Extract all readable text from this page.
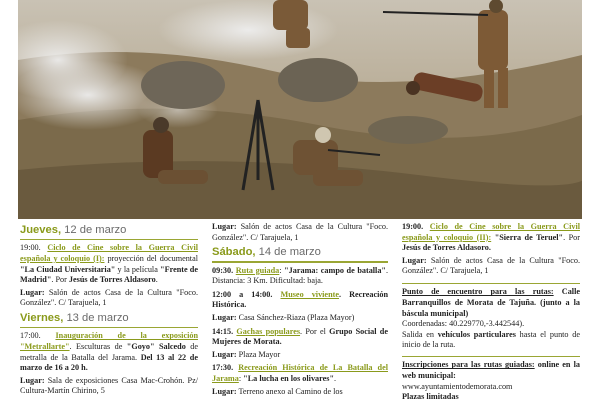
Jueves, 12 de marzo

19:00. Ciclo de Cine sobre la Guerra Civil española y coloquio (I): proyección del documental "La Ciudad Universitaria" y la película "Frente de Madrid". Por Jesús de Torres Aldasoro.

Lugar: Salón de actos Casa de la Cultura "Foco. González". C/ Tarajuela, 1

Viernes, 13 de marzo

17:00. Inauguración de la exposición "Metrallarte". Esculturas de "Goyo" Salcedo de metralla de la Batalla del Jarama. Del 13 al 22 de marzo de 16 a 20 h.

Lugar: Sala de exposiciones Casa Mac-Crohón. Pz/ Cultura-Martín Chirino, 5

Lugar: Salón de actos Casa de la Cultura "Foco. González". C/ Tarajuela, 1

Sábado, 14 de marzo

09:30. Ruta guiada: "Jarama: campo de batalla". Distancia: 3 Km. Dificultad: baja.

12:00 a 14:00. Museo viviente. Recreación Histórica.

Lugar: Casa Sánchez-Riaza (Plaza Mayor)

14:15. Gachas populares. Por el Grupo Social de Mujeres de Morata.

Lugar: Plaza Mayor

17:30. Recreación Histórica de La Batalla del Jarama: "La lucha en los olivares".

Lugar: Terreno anexo al Camino de los

19:00. Ciclo de Cine sobre la Guerra Civil española y coloquio (II): "Sierra de Teruel". Por Jesús de Torres Aldasoro.

Lugar: Salón de actos Casa de la Cultura "Foco. González". C/ Tarajuela, 1

Punto de encuentro para las rutas: Calle Barranquillos de Morata de Tajuña. (junto a la báscula municipal)

Coordenadas: 40.229770,-3.442544).

Salida en vehículos particulares hasta el punto de inicio de la ruta.

Inscripciones para las rutas guiadas: online en la web municipal:

www.ayuntamientodemorata.com

Plazas limitadas
